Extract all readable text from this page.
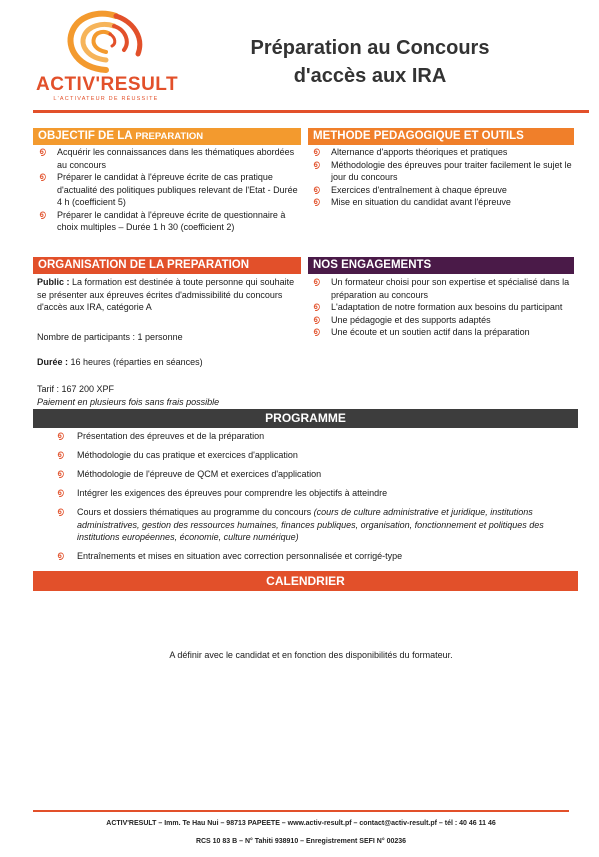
ACTIV'RESULT
L'ACTIVATEUR DE RÉUSSITE
Préparation au Concours
d'accès aux IRA
OBJECTIF DE LA PREPARATION
൭ Acquérir les connaissances dans les thématiques abordées au concours
൭ Préparer le candidat à l'épreuve écrite de cas pratique d'actualité des politiques publiques relevant de l'Etat - Durée 4 h (coefficient 5)
൭ Préparer le candidat à l'épreuve écrite de questionnaire à choix multiples – Durée 1 h 30 (coefficient 2)
METHODE PEDAGOGIQUE ET OUTILS
൭ Alternance d'apports théoriques et pratiques
൭ Méthodologie des épreuves pour traiter facilement le sujet le jour du concours
൭ Exercices d'entraînement à chaque épreuve
൭ Mise en situation du candidat avant l'épreuve
ORGANISATION DE LA PREPARATION
Public : La formation est destinée à toute personne qui souhaite se présenter aux épreuves écrites d'admissibilité du concours d'accès aux IRA, catégorie A
Nombre de participants : 1 personne
Durée : 16 heures (réparties en séances)
Tarif : 167 200 XPF
Paiement en plusieurs fois sans frais possible
NOS ENGAGEMENTS
൭ Un formateur choisi pour son expertise et spécialisé dans la préparation au concours
൭ L'adaptation de notre formation aux besoins du participant
൭ Une pédagogie et des supports adaptés
൭ Une écoute et un soutien actif dans la préparation
PROGRAMME
൭ Présentation des épreuves et de la préparation
൭ Méthodologie du cas pratique et exercices d'application
൭ Méthodologie de l'épreuve de QCM et exercices d'application
൭ Intégrer les exigences des épreuves pour comprendre les objectifs à atteindre
൭ Cours et dossiers thématiques au programme du concours (cours de culture administrative et juridique, institutions administratives, gestion des ressources humaines, finances publiques, organisation, fonctionnement et politiques des institutions européennes, économie, culture numérique)
൭ Entraînements et mises en situation avec correction personnalisée et corrigé-type
CALENDRIER
A définir avec le candidat et en fonction des disponibilités du formateur.
ACTIV'RESULT – Imm. Te Hau Nui – 98713 PAPEETE – www.activ-result.pf – contact@activ-result.pf – tél : 40 46 11 46
RCS 10 83 B – N° Tahiti 938910 – Enregistrement SEFI N° 00236
